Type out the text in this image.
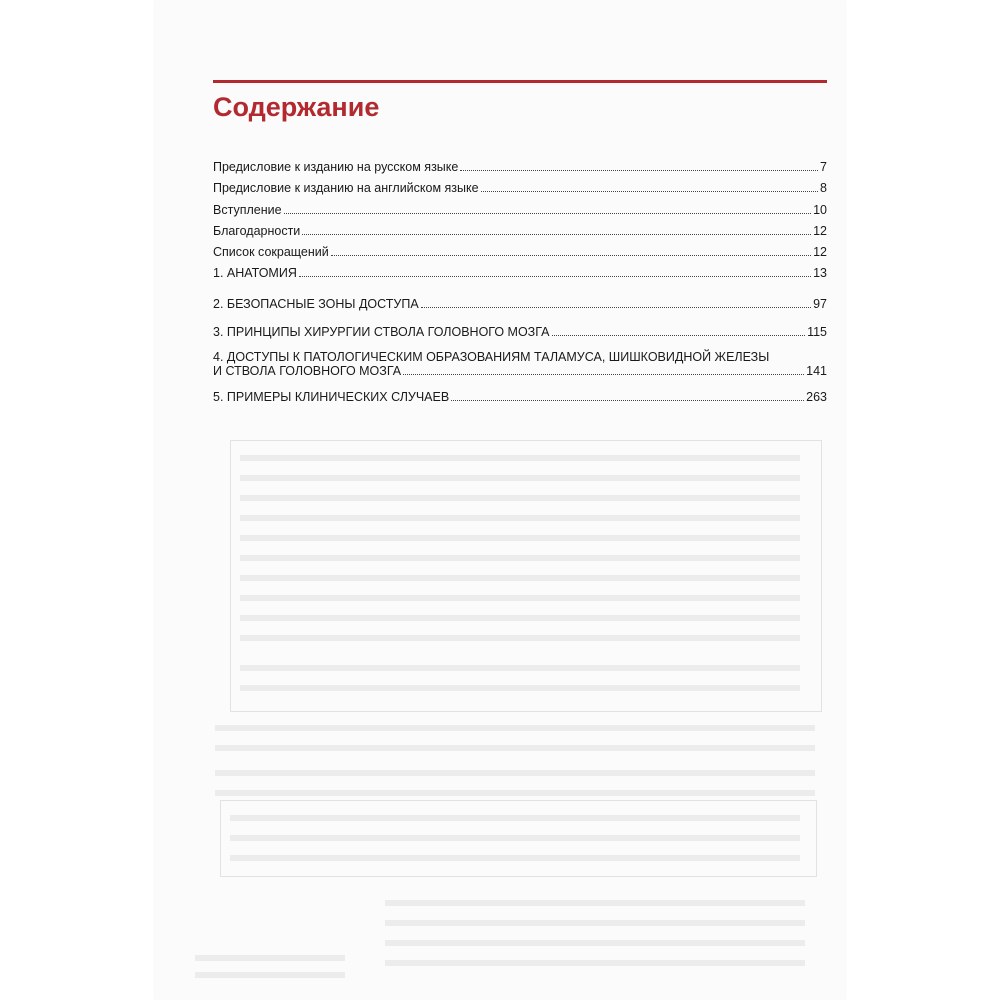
Содержание
Предисловие к изданию на русском языке	7
Предисловие к изданию на английском языке	8
Вступление	10
Благодарности	12
Список сокращений	12
1. АНАТОМИЯ	13
2. БЕЗОПАСНЫЕ ЗОНЫ ДОСТУПА	97
3. ПРИНЦИПЫ ХИРУРГИИ СТВОЛА ГОЛОВНОГО МОЗГА	115
4. ДОСТУПЫ К ПАТОЛОГИЧЕСКИМ ОБРАЗОВАНИЯМ ТАЛАМУСА, ШИШКОВИДНОЙ ЖЕЛЕЗЫ
И СТВОЛА ГОЛОВНОГО МОЗГА	141
5. ПРИМЕРЫ КЛИНИЧЕСКИХ СЛУЧАЕВ	263
